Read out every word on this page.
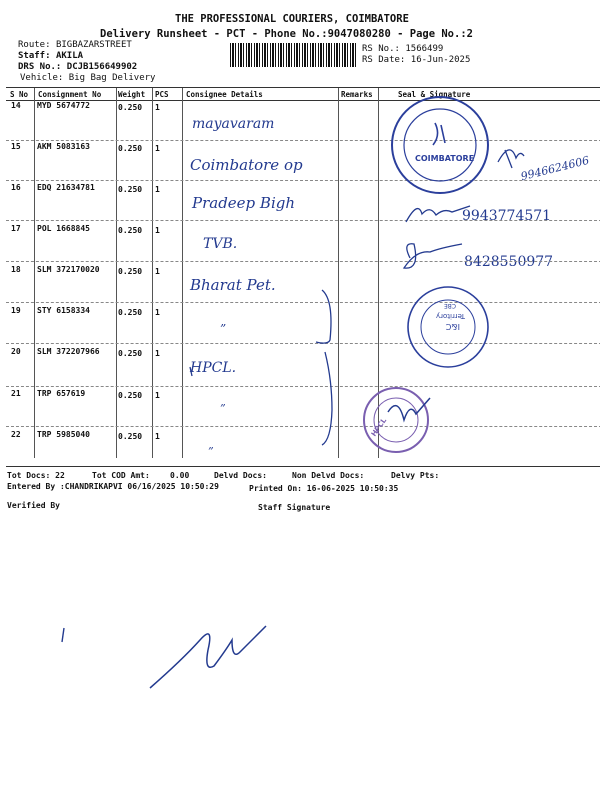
THE PROFESSIONAL COURIERS, COIMBATORE
Delivery Runsheet - PCT - Phone No.:9047080280 - Page No.:2
Route: BIGBAZARSTREET
Staff: AKILA
DRS No.: DCJB156649902
Vehicle: Big Bag Delivery
RS No.: 1566499
RS Date: 16-Jun-2025
S No Consignment No Weight PCS Consignee Details	Remarks	Seal & Signature
14 MYD 5674772	0.250 1
mayavaram
15 AKM 5083163	0.250 1
Coimbatore op	9946624606
16 EDQ 21634781	0.250 1
Pradeep Bigh
9943774571
17 POL 1668845	0.250 1
TVB.
8428550977
18 SLM 372170020 0.250 1
Bharat Pet.
19 STY 6158334	0.250 1
”
20 SLM 372207966 0.250 1
HPCL.
21 TRP 657619	0.250 1
”
22 TRP 5985040	0.250 1
”
COIMBATORE
CBE
I&C
Territory
HPCL
Tot Docs: 22	Tot COD Amt:	0.00	Delvd Docs:	Non Delvd Docs:	Delvy Pts:
Entered By :CHANDRIKAPVI 06/16/2025 10:50:29	Printed On: 16-06-2025 10:50:35
Verified By	Staff Signature
